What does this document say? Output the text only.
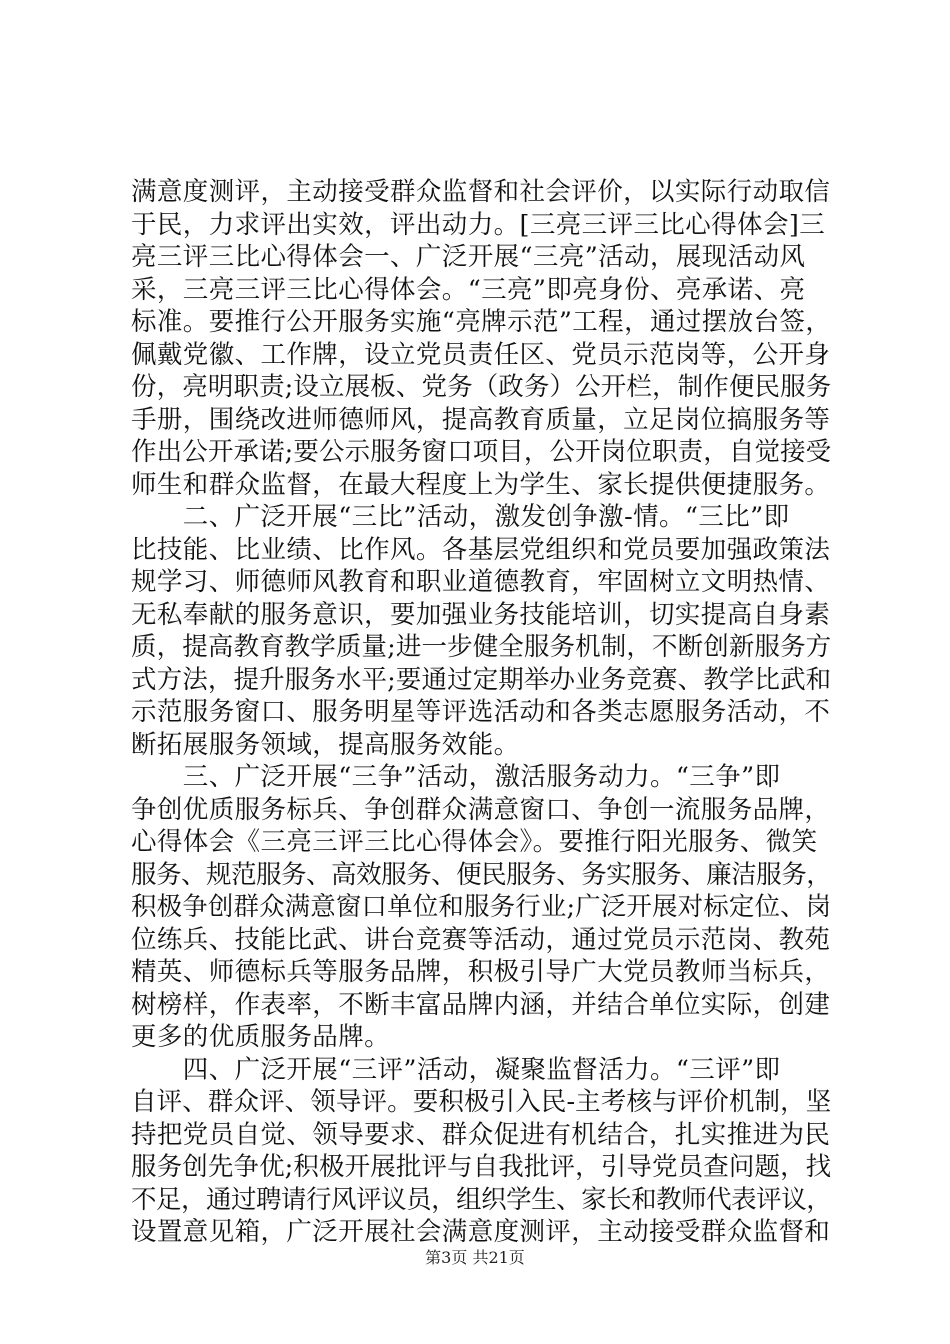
满意度测评，主动接受群众监督和社会评价，以实际行动取信
于民，力求评出实效，评出动力。[三亮三评三比心得体会]三
亮三评三比心得体会一、广泛开展“三亮”活动，展现活动风
采，三亮三评三比心得体会。“三亮”即亮身份、亮承诺、亮
标准。要推行公开服务实施“亮牌示范”工程，通过摆放台签，
佩戴党徽、工作牌，设立党员责任区、党员示范岗等，公开身
份，亮明职责;设立展板、党务（政务）公开栏，制作便民服务
手册，围绕改进师德师风，提高教育质量，立足岗位搞服务等
作出公开承诺;要公示服务窗口项目，公开岗位职责，自觉接受
师生和群众监督，在最大程度上为学生、家长提供便捷服务。
　　二、广泛开展“三比”活动，激发创争激-情。“三比”即
比技能、比业绩、比作风。各基层党组织和党员要加强政策法
规学习、师德师风教育和职业道德教育，牢固树立文明热情、
无私奉献的服务意识，要加强业务技能培训，切实提高自身素
质，提高教育教学质量;进一步健全服务机制，不断创新服务方
式方法，提升服务水平;要通过定期举办业务竞赛、教学比武和
示范服务窗口、服务明星等评选活动和各类志愿服务活动，不
断拓展服务领域，提高服务效能。
　　三、广泛开展“三争”活动，激活服务动力。“三争”即
争创优质服务标兵、争创群众满意窗口、争创一流服务品牌，
心得体会《三亮三评三比心得体会》。要推行阳光服务、微笑
服务、规范服务、高效服务、便民服务、务实服务、廉洁服务，
积极争创群众满意窗口单位和服务行业;广泛开展对标定位、岗
位练兵、技能比武、讲台竞赛等活动，通过党员示范岗、教苑
精英、师德标兵等服务品牌，积极引导广大党员教师当标兵，
树榜样，作表率，不断丰富品牌内涵，并结合单位实际，创建
更多的优质服务品牌。
　　四、广泛开展“三评”活动，凝聚监督活力。“三评”即
自评、群众评、领导评。要积极引入民-主考核与评价机制，坚
持把党员自觉、领导要求、群众促进有机结合，扎实推进为民
服务创先争优;积极开展批评与自我批评，引导党员查问题，找
不足，通过聘请行风评议员，组织学生、家长和教师代表评议，
设置意见箱，广泛开展社会满意度测评，主动接受群众监督和
第3页 共21页
